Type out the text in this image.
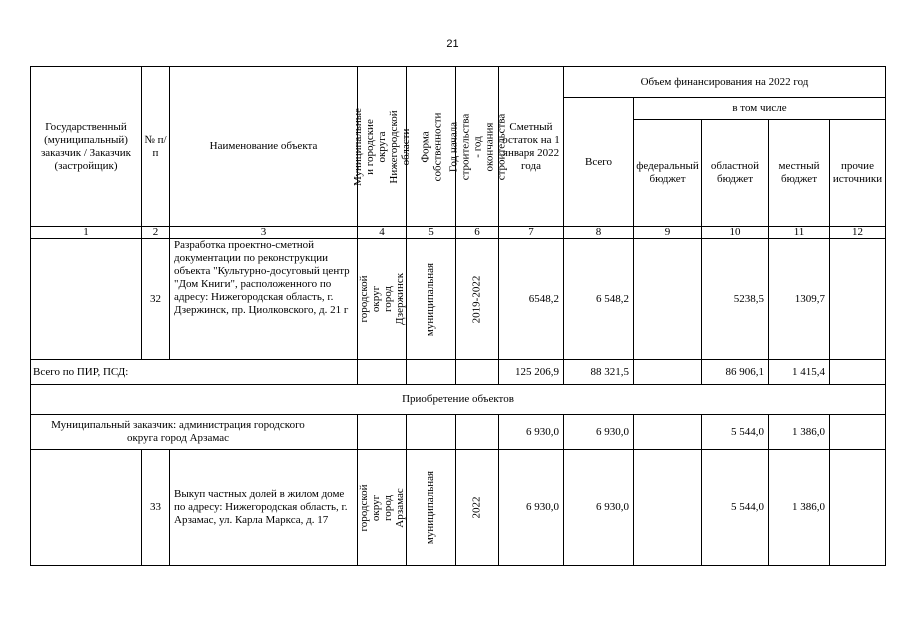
21
Государственный (муниципальный) заказчик / Заказчик (застройщик)	№ п/п	Наименование объекта	Муниципальные и городские округа Нижегородской области	Форма собственности	Год начала строительства - год окончания строительства	Сметный остаток на 1 января 2022 года	Объем финансирования на 2022 год				
							Всего	в том числе			
								федеральный бюджет	областной бюджет	местный бюджет	прочие источники
1	2	3	4	5	6	7	8	9	10	11	12
	32	Разработка проектно-сметной документации по реконструкции объекта "Культурно-досуговый центр "Дом Книги", расположенного по адресу: Нижегородская область, г. Дзержинск, пр. Циолковского, д. 21 г	городской округ город Дзержинск	муниципальная	2019-2022	6548,2	6 548,2		5238,5	1309,7	
Всего по ПИР, ПСД:						125 206,9	88 321,5		86 906,1	1 415,4	
Приобретение объектов											
Муниципальный заказчик: администрация городского округа город Арзамас						6 930,0	6 930,0		5 544,0	1 386,0	
	33	Выкуп частных долей в жилом доме по адресу: Нижегородская область, г. Арзамас, ул. Карла Маркса, д. 17	городской округ город Арзамас	муниципальная	2022	6 930,0	6 930,0		5 544,0	1 386,0	
